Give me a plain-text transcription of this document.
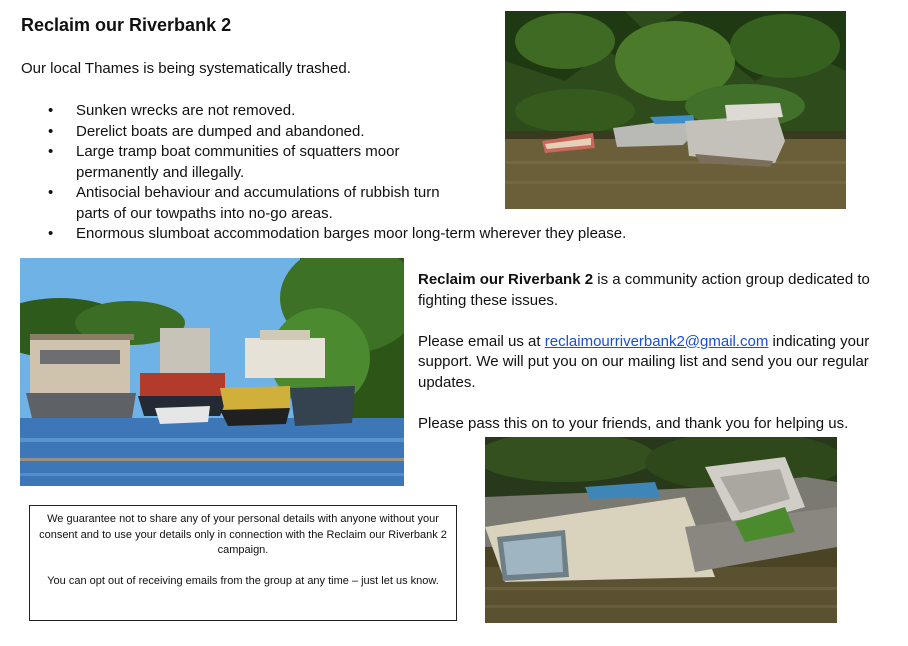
Reclaim our Riverbank 2
Our local Thames is being systematically trashed.
• Sunken wrecks are not removed.
• Derelict boats are dumped and abandoned.
• Large tramp boat communities of squatters moor permanently and illegally.
• Antisocial behaviour and accumulations of rubbish turn parts of our towpaths into no-go areas.
• Enormous slumboat accommodation barges moor long-term wherever they please.

Reclaim our Riverbank 2 is a community action group dedicated to fighting these issues.

Please email us at reclaimourriverbank2@gmail.com indicating your support. We will put you on our mailing list and send you our regular updates.

Please pass this on to your friends, and thank you for helping us.

We guarantee not to share any of your personal details with anyone without your consent and to use your details only in connection with the Reclaim our Riverbank 2 campaign.

You can opt out of receiving emails from the group at any time – just let us know.
